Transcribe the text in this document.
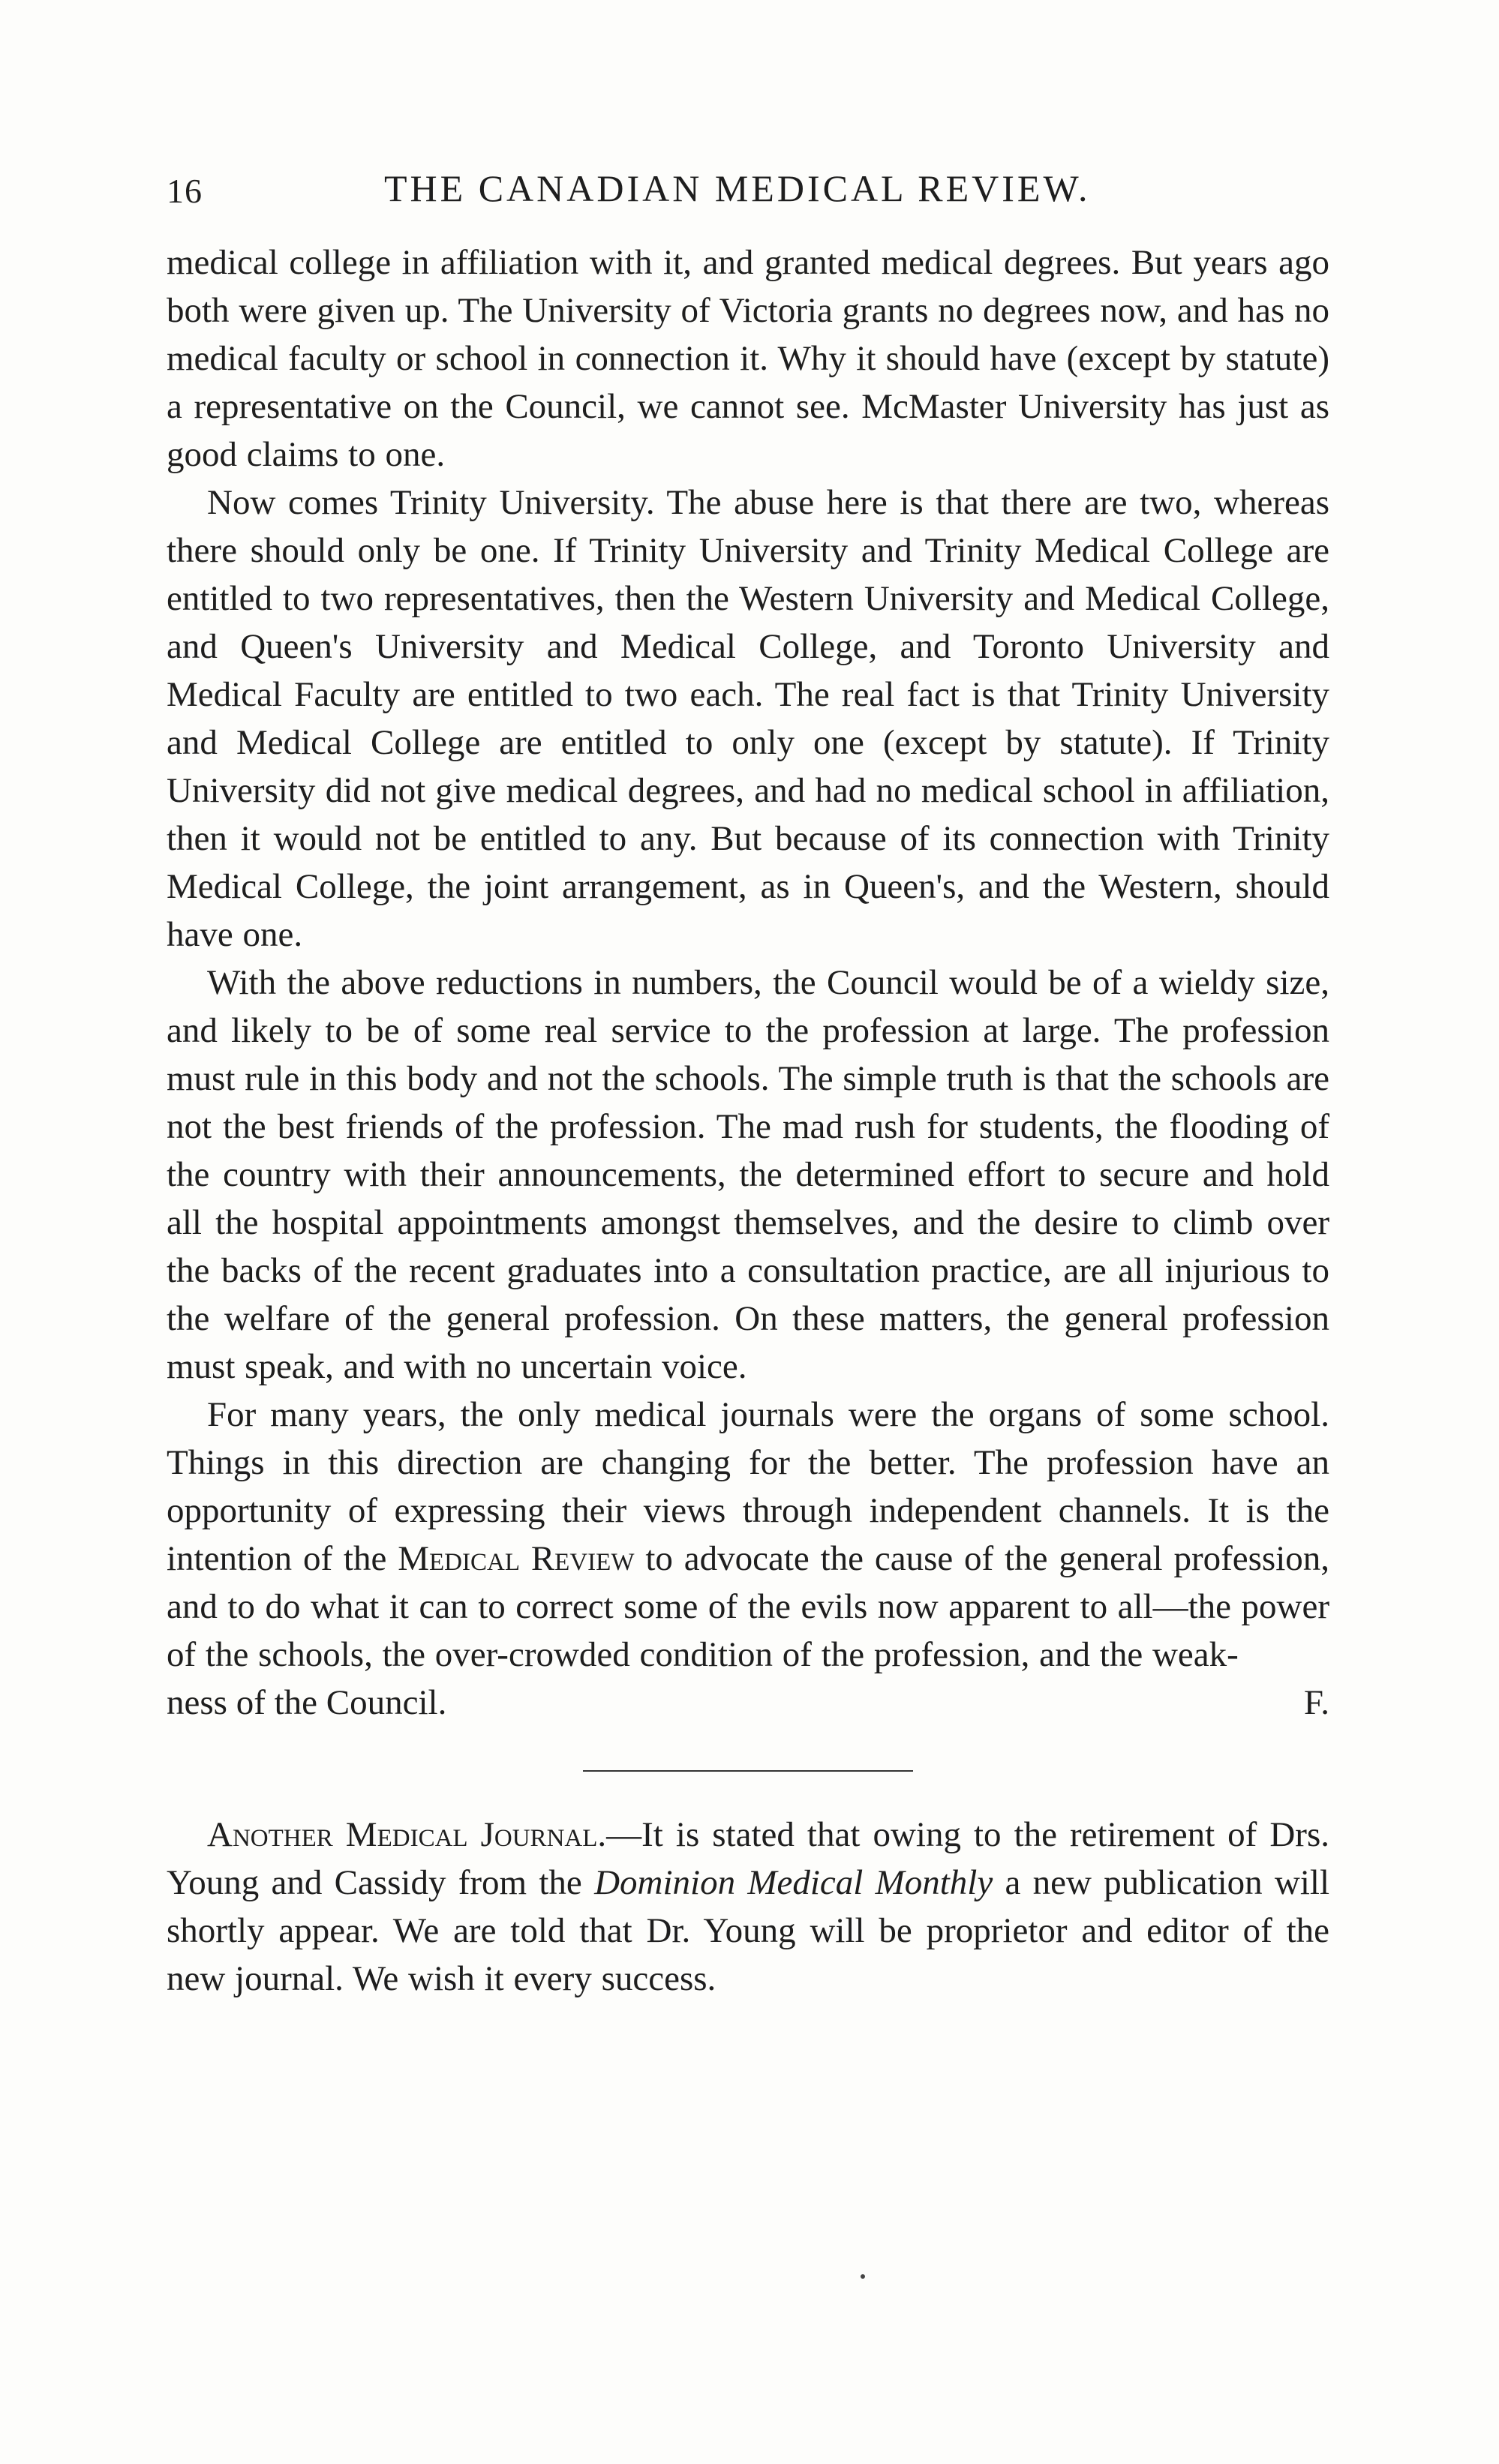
16	THE CANADIAN MEDICAL REVIEW.

medical college in affiliation with it, and granted medical degrees. But years ago both were given up. The University of Victoria grants no degrees now, and has no medical faculty or school in connection it. Why it should have (except by statute) a representative on the Council, we cannot see. McMaster University has just as good claims to one.

Now comes Trinity University. The abuse here is that there are two, whereas there should only be one. If Trinity University and Trinity Medical College are entitled to two representatives, then the Western University and Medical College, and Queen's University and Medical College, and Toronto University and Medical Faculty are entitled to two each. The real fact is that Trinity University and Medical College are entitled to only one (except by statute). If Trinity University did not give medical degrees, and had no medical school in affiliation, then it would not be entitled to any. But because of its connection with Trinity Medical College, the joint arrangement, as in Queen's, and the Western, should have one.

With the above reductions in numbers, the Council would be of a wieldy size, and likely to be of some real service to the profession at large. The profession must rule in this body and not the schools. The simple truth is that the schools are not the best friends of the profession. The mad rush for students, the flooding of the country with their announcements, the determined effort to secure and hold all the hospital appointments amongst themselves, and the desire to climb over the backs of the recent graduates into a consultation practice, are all injurious to the welfare of the general profession. On these matters, the general profession must speak, and with no uncertain voice.

For many years, the only medical journals were the organs of some school. Things in this direction are changing for the better. The profession have an opportunity of expressing their views through independent channels. It is the intention of the Medical Review to advocate the cause of the general profession, and to do what it can to correct some of the evils now apparent to all—the power of the schools, the over-crowded condition of the profession, and the weak-

ness of the Council.	F.

Another Medical Journal.—It is stated that owing to the retirement of Drs. Young and Cassidy from the Dominion Medical Monthly a new publication will shortly appear. We are told that Dr. Young will be proprietor and editor of the new journal. We wish it every success.
